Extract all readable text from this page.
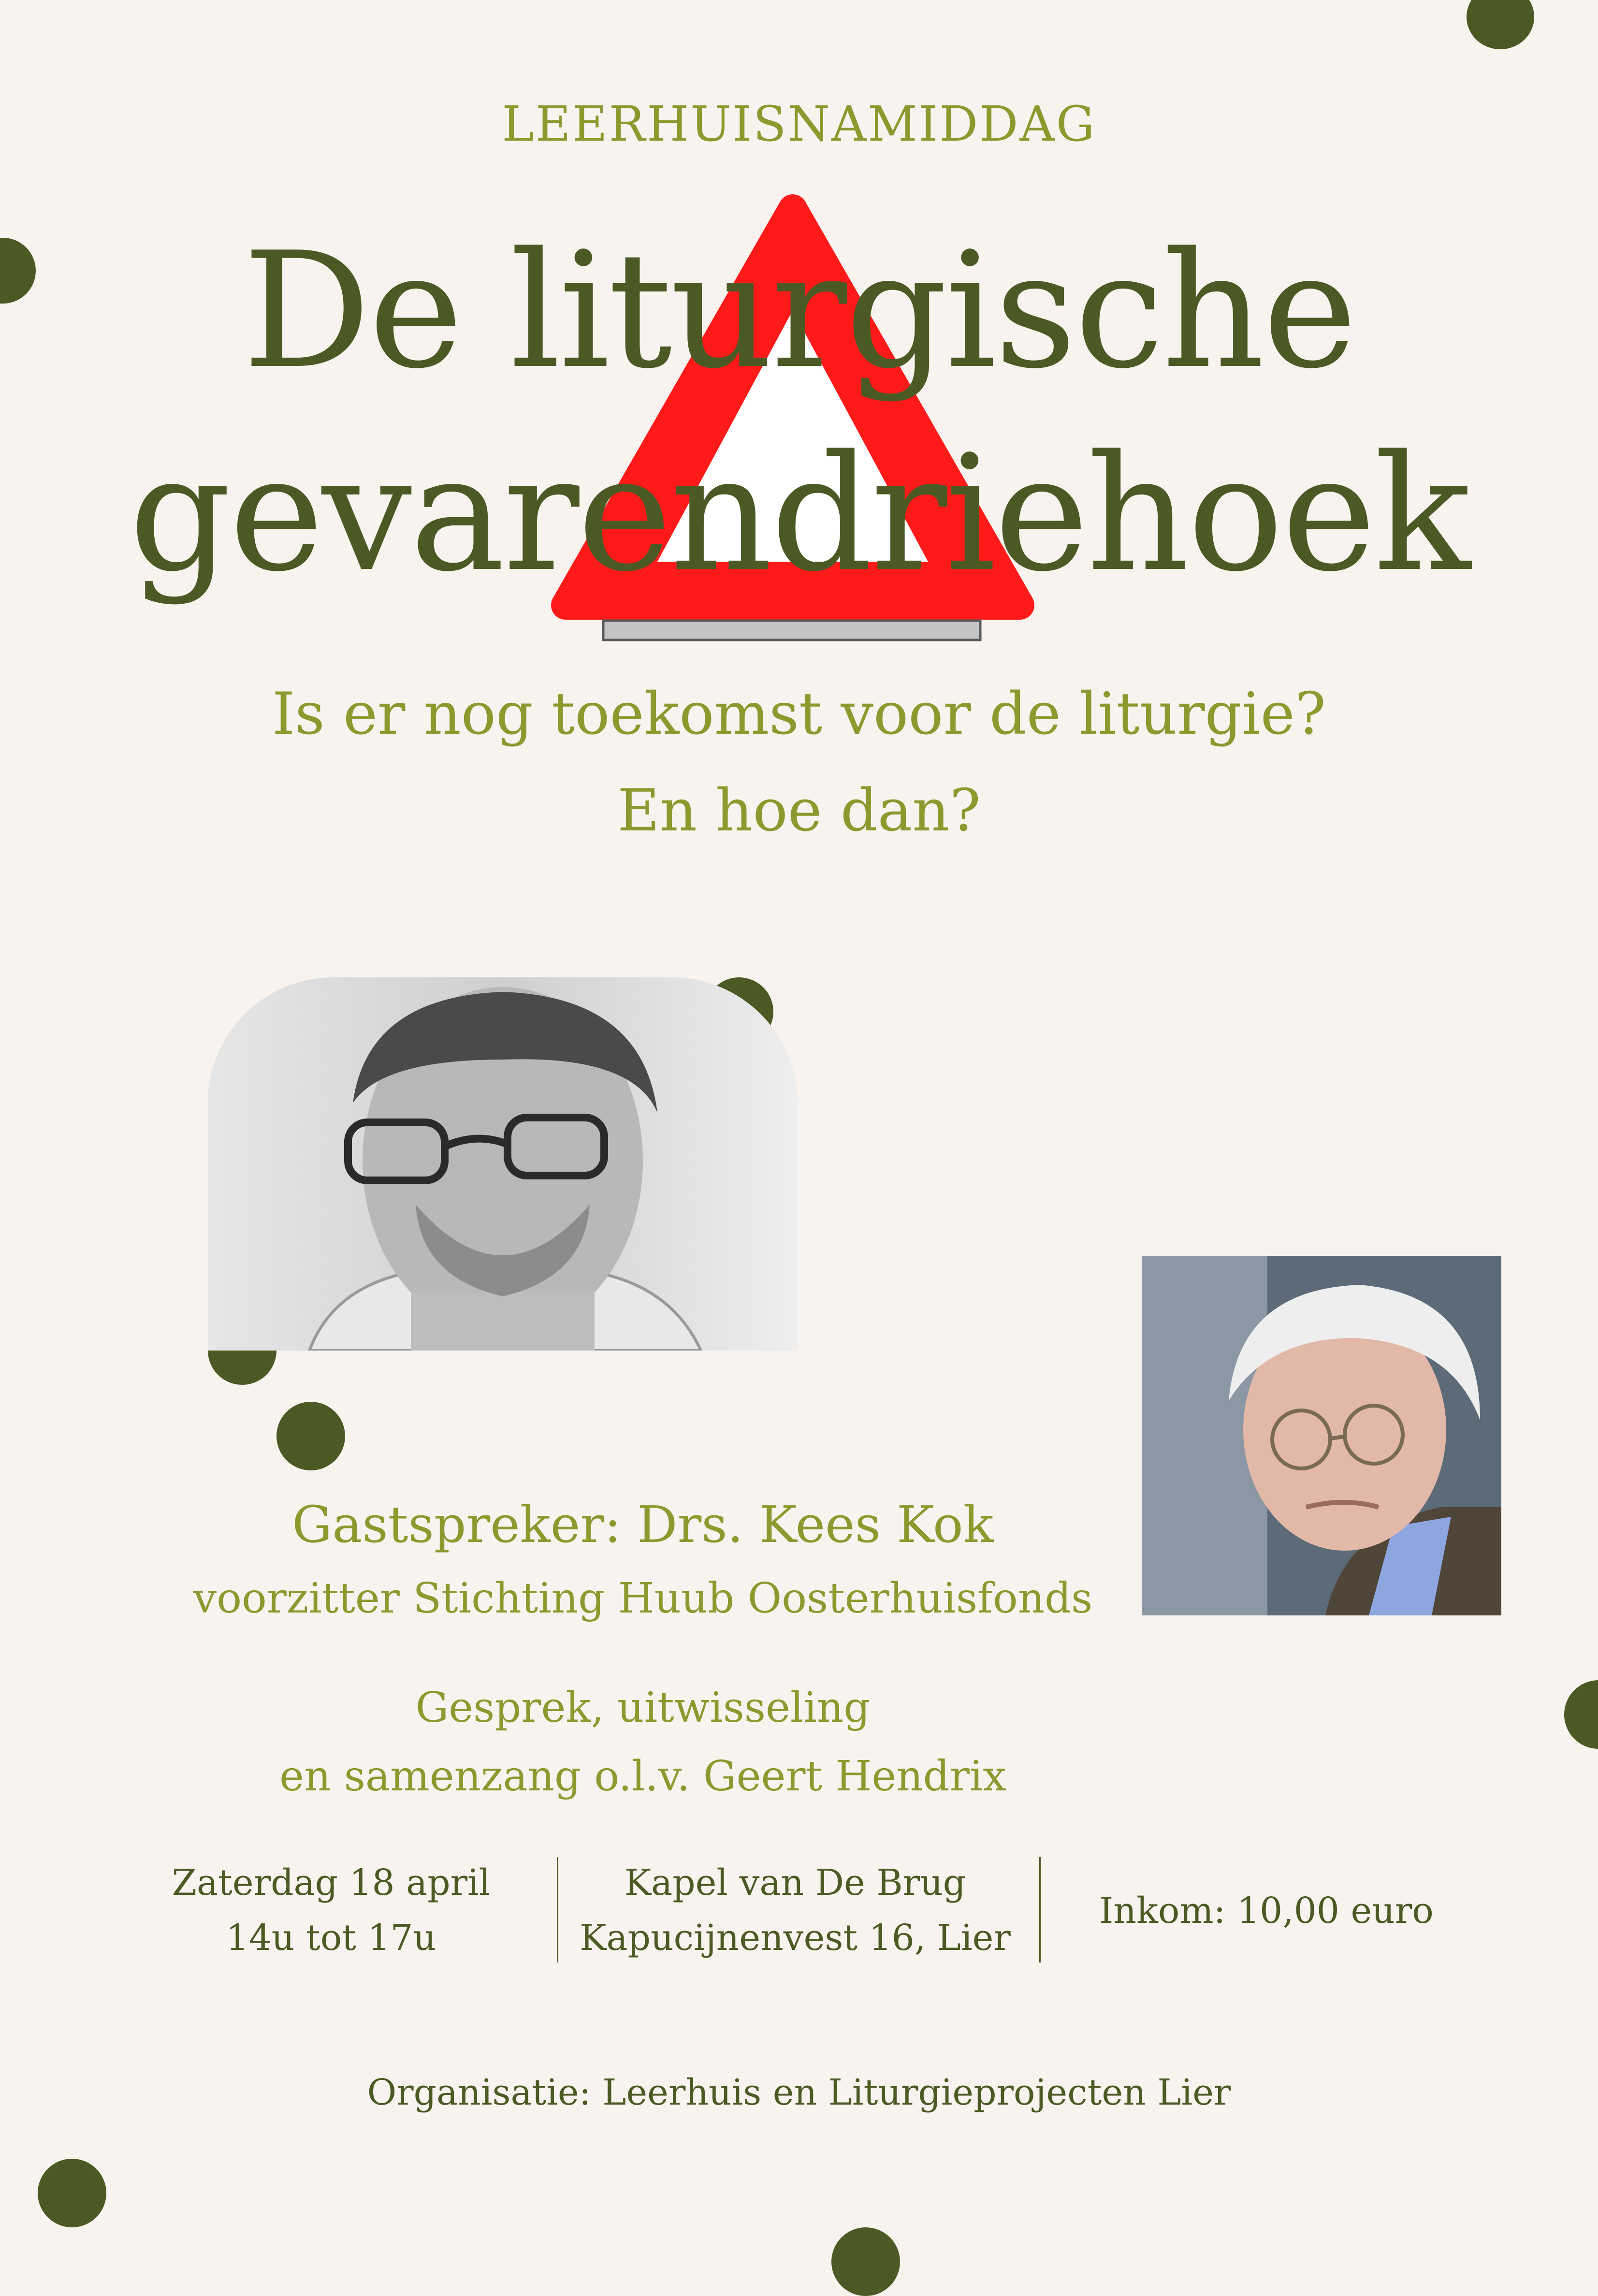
LEERHUISNAMIDDAG
De liturgische
gevarendriehoek
Is er nog toekomst voor de liturgie?
En hoe dan?
Gastspreker: Drs. Kees Kok
voorzitter Stichting Huub Oosterhuisfonds
Gesprek, uitwisseling
en samenzang o.l.v. Geert Hendrix
Zaterdag 18 april
14u tot 17u
Kapel van De Brug
Kapucijnenvest 16, Lier
Inkom: 10,00 euro
Organisatie: Leerhuis en Liturgieprojecten Lier
